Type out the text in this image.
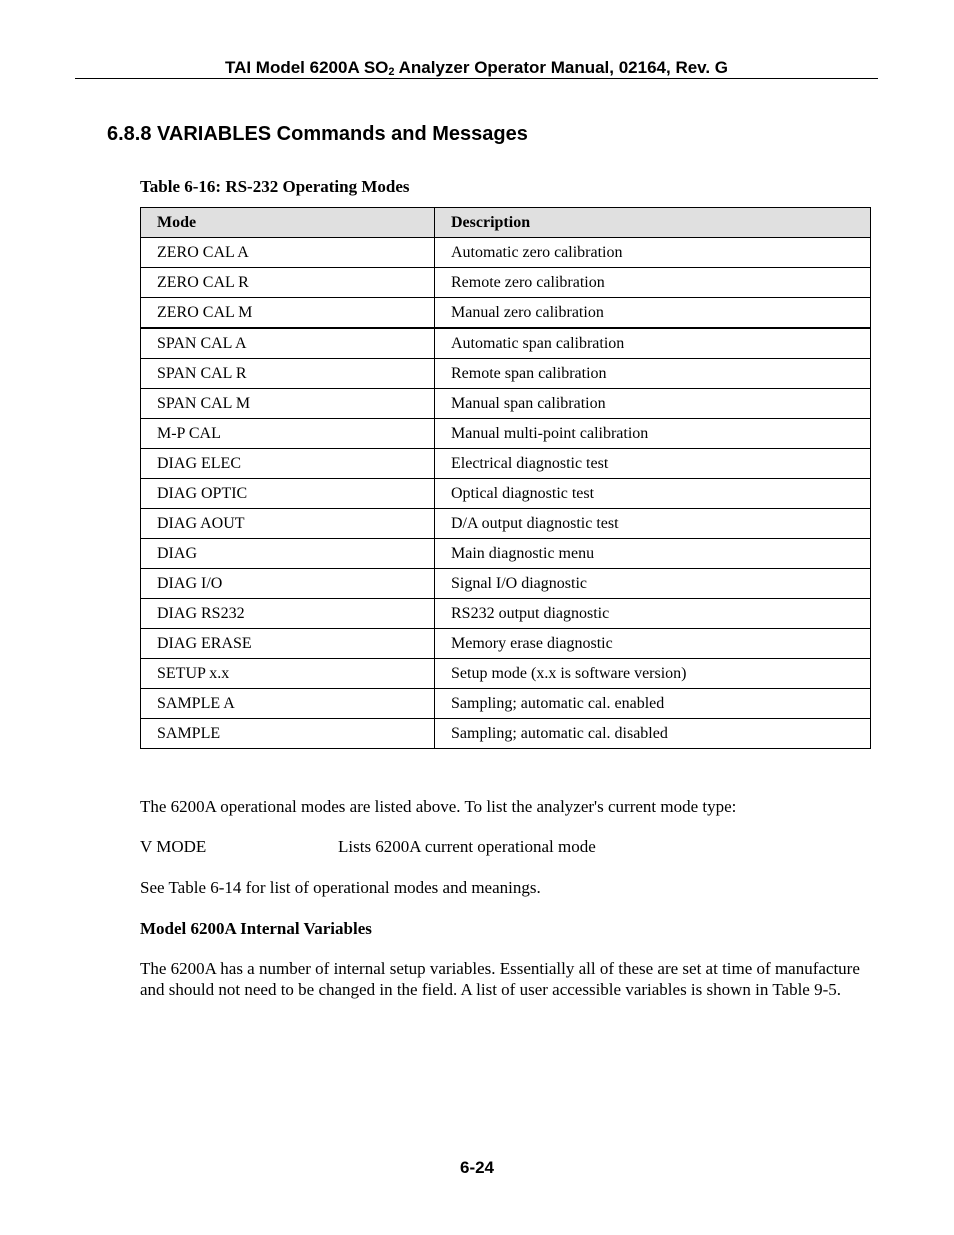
TAI Model 6200A $SO_2$ Analyzer Operator Manual, 02164, Rev. G
6.8.8 VARIABLES Commands and Messages
Table 6-16: RS-232 Operating Modes
Mode	Description
ZERO CAL A	Automatic zero calibration
ZERO CAL R	Remote zero calibration
ZERO CAL M	Manual zero calibration
SPAN CAL A	Automatic span calibration
SPAN CAL R	Remote span calibration
SPAN CAL M	Manual span calibration
M-P CAL	Manual multi-point calibration
DIAG ELEC	Electrical diagnostic test
DIAG OPTIC	Optical diagnostic test
DIAG AOUT	D/A output diagnostic test
DIAG	Main diagnostic menu
DIAG I/O	Signal I/O diagnostic
DIAG RS232	RS232 output diagnostic
DIAG ERASE	Memory erase diagnostic
SETUP x.x	Setup mode (x.x is software version)
SAMPLE A	Sampling; automatic cal. enabled
SAMPLE	Sampling; automatic cal. disabled
The 6200A operational modes are listed above. To list the analyzer's current mode type:
V MODE	Lists 6200A current operational mode
See Table 6-14 for list of operational modes and meanings.
Model 6200A Internal Variables
The 6200A has a number of internal setup variables. Essentially all of these are set at time of manufacture and should not need to be changed in the field. A list of user accessible variables is shown in Table 9-5.
6-24
